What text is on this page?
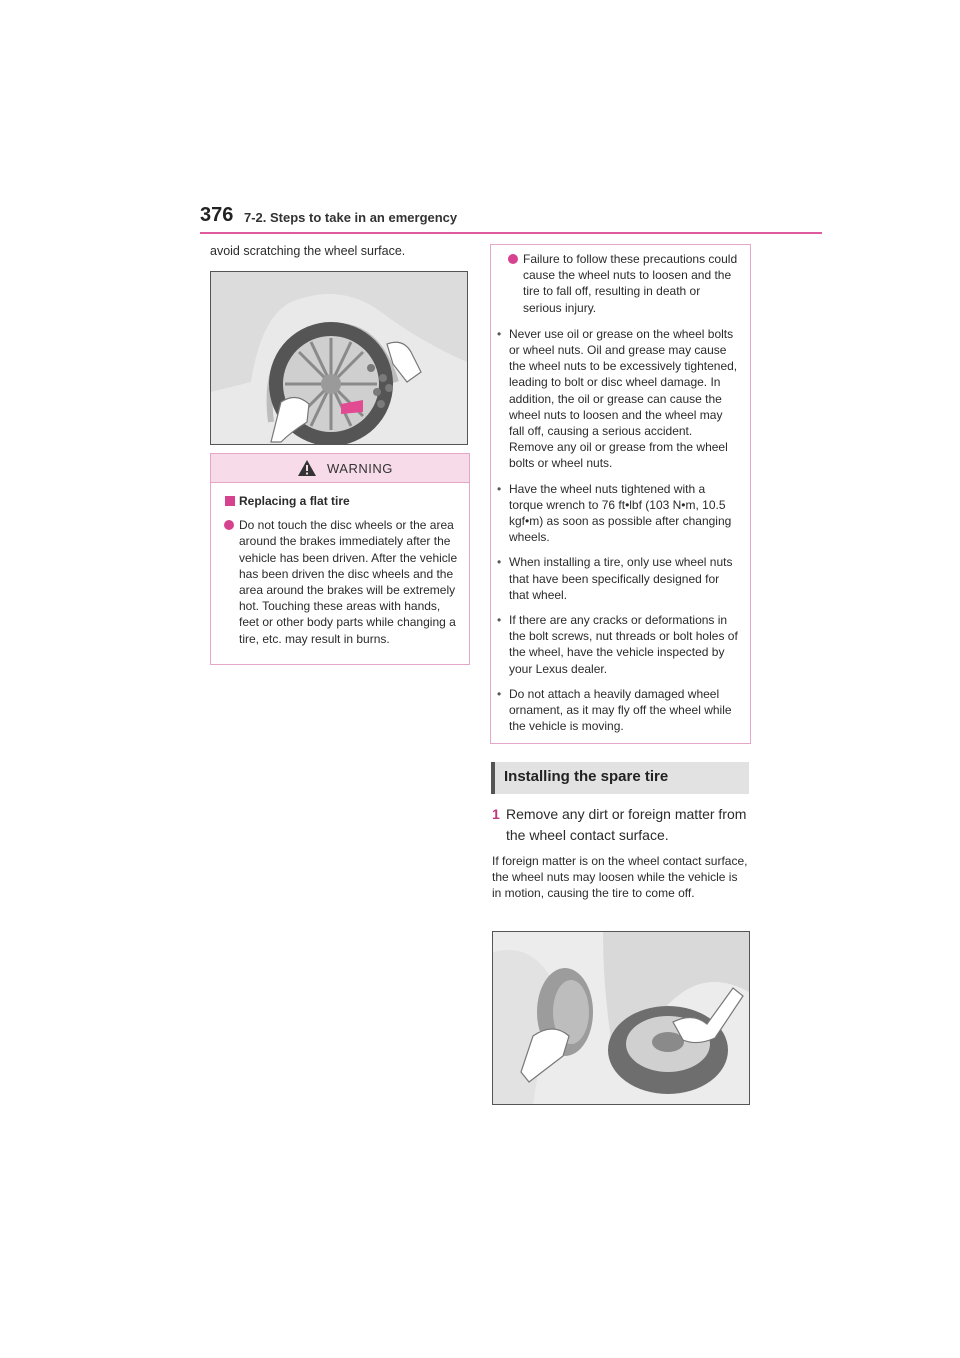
376 7-2. Steps to take in an emergency

avoid scratching the wheel surface.

WARNING
Replacing a flat tire
Do not touch the disc wheels or the area around the brakes immediately after the vehicle has been driven. After the vehicle has been driven the disc wheels and the area around the brakes will be extremely hot. Touching these areas with hands, feet or other body parts while changing a tire, etc. may result in burns.
Failure to follow these precautions could cause the wheel nuts to loosen and the tire to fall off, resulting in death or serious injury.
• Never use oil or grease on the wheel bolts or wheel nuts. Oil and grease may cause the wheel nuts to be excessively tightened, leading to bolt or disc wheel damage. In addition, the oil or grease can cause the wheel nuts to loosen and the wheel may fall off, causing a serious accident. Remove any oil or grease from the wheel bolts or wheel nuts.
• Have the wheel nuts tightened with a torque wrench to 76 ft•lbf (103 N•m, 10.5 kgf•m) as soon as possible after changing wheels.
• When installing a tire, only use wheel nuts that have been specifically designed for that wheel.
• If there are any cracks or deformations in the bolt screws, nut threads or bolt holes of the wheel, have the vehicle inspected by your Lexus dealer.
• Do not attach a heavily damaged wheel ornament, as it may fly off the wheel while the vehicle is moving.
Installing the spare tire
1 Remove any dirt or foreign matter from the wheel contact surface.

If foreign matter is on the wheel contact surface, the wheel nuts may loosen while the vehicle is in motion, causing the tire to come off.
